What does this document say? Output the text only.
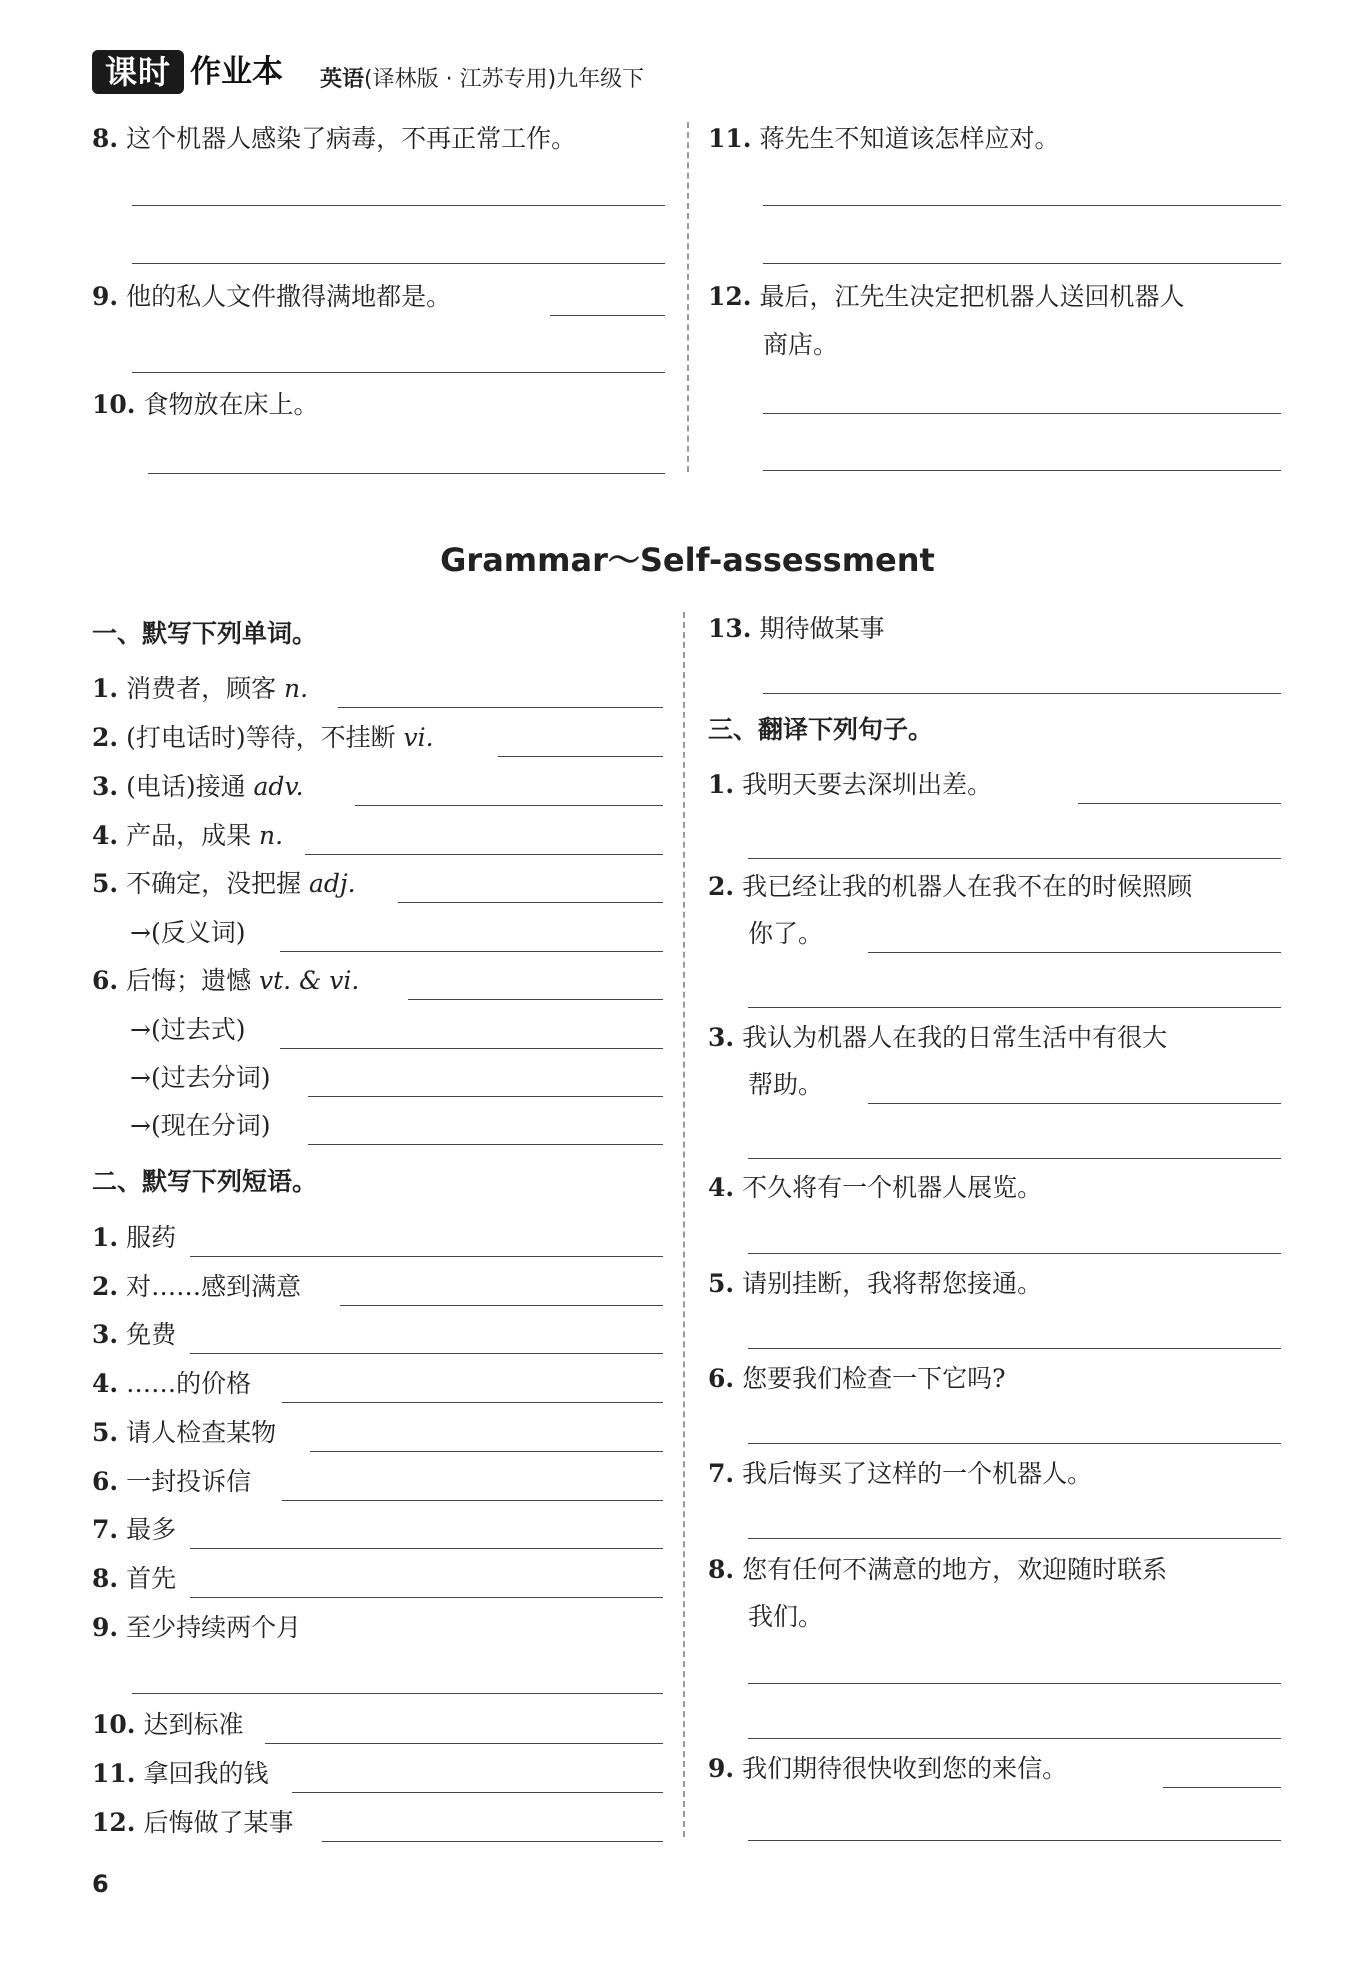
课时 作业本 英语(译林版 · 江苏专用)九年级下
8. 这个机器人感染了病毒，不再正常工作。
9. 他的私人文件撒得满地都是。
10. 食物放在床上。
11. 蒋先生不知道该怎样应对。
12. 最后，江先生决定把机器人送回机器人
商店。
Grammar～Self-assessment
一、默写下列单词。
1. 消费者，顾客 n.
2. (打电话时)等待，不挂断 vi.
3. (电话)接通 adv.
4. 产品，成果 n.
5. 不确定，没把握 adj.
→(反义词)
6. 后悔；遗憾 vt. & vi.
→(过去式)
→(过去分词)
→(现在分词)
二、默写下列短语。
1. 服药
2. 对……感到满意
3. 免费
4. ……的价格
5. 请人检查某物
6. 一封投诉信
7. 最多
8. 首先
9. 至少持续两个月
10. 达到标准
11. 拿回我的钱
12. 后悔做了某事
13. 期待做某事
三、翻译下列句子。
1. 我明天要去深圳出差。
2. 我已经让我的机器人在我不在的时候照顾
你了。
3. 我认为机器人在我的日常生活中有很大
帮助。
4. 不久将有一个机器人展览。
5. 请别挂断，我将帮您接通。
6. 您要我们检查一下它吗?
7. 我后悔买了这样的一个机器人。
8. 您有任何不满意的地方，欢迎随时联系
我们。
9. 我们期待很快收到您的来信。
6
